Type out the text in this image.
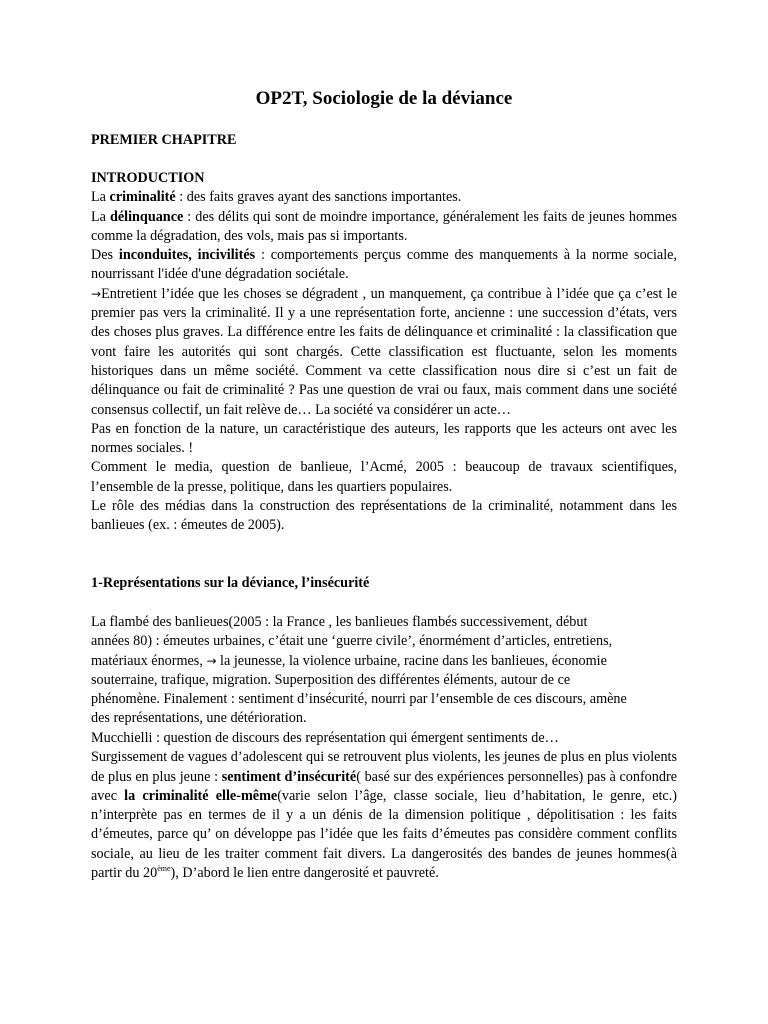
OP2T, Sociologie de la déviance

PREMIER CHAPITRE

INTRODUCTION

La criminalité : des faits graves ayant des sanctions importantes.

La délinquance : des délits qui sont de moindre importance, généralement les faits de jeunes hommes comme la dégradation, des vols, mais pas si importants.

Des inconduites, incivilités : comportements perçus comme des manquements à la norme sociale, nourrissant l'idée d'une dégradation sociétale.

→Entretient l’idée que les choses se dégradent , un manquement, ça contribue à l’idée que ça c’est le premier pas vers la criminalité. Il y a une représentation forte, ancienne : une succession d’états, vers des choses plus graves. La différence entre les faits de délinquance et criminalité : la classification que vont faire les autorités qui sont chargés. Cette classification est fluctuante, selon les moments historiques dans un même société. Comment va cette classification nous dire si c’est un fait de délinquance ou fait de criminalité ? Pas une question de vrai ou faux, mais comment dans une société consensus collectif, un fait relève de… La société va considérer un acte…

Pas en fonction de la nature, un caractéristique des auteurs, les rapports que les acteurs ont avec les normes sociales. !

Comment le media, question de banlieue, l’Acmé, 2005 : beaucoup de travaux scientifiques, l’ensemble de la presse, politique, dans les quartiers populaires.

Le rôle des médias dans la construction des représentations de la criminalité, notamment dans les banlieues (ex. : émeutes de 2005).

1-Représentations sur la déviance, l’insécurité

La flambé des banlieues(2005 : la France , les banlieues flambés successivement, début

années 80) : émeutes urbaines, c’était une ‘guerre civile’, énormément d’articles, entretiens,

matériaux énormes, → la jeunesse, la violence urbaine, racine dans les banlieues, économie

souterraine, trafique, migration. Superposition des différentes éléments, autour de ce

phénomène. Finalement : sentiment d’insécurité, nourri par l’ensemble de ces discours, amène

des représentations, une détérioration.

Mucchielli : question de discours des représentation qui émergent sentiments de…

Surgissement de vagues d’adolescent qui se retrouvent plus violents, les jeunes de plus en plus violents de plus en plus jeune : sentiment d’insécurité( basé sur des expériences personnelles) pas à confondre avec la criminalité elle-même(varie selon l’âge, classe sociale, lieu d’habitation, le genre, etc.) n’interprète pas en termes de il y a un dénis de la dimension politique , dépolitisation : les faits d’émeutes, parce qu’ on développe pas l’idée que les faits d’émeutes pas considère comment conflits sociale, au lieu de les traiter comment fait divers. La dangerosités des bandes de jeunes hommes(à partir du 20ème), D’abord le lien entre dangerosité et pauvreté.
